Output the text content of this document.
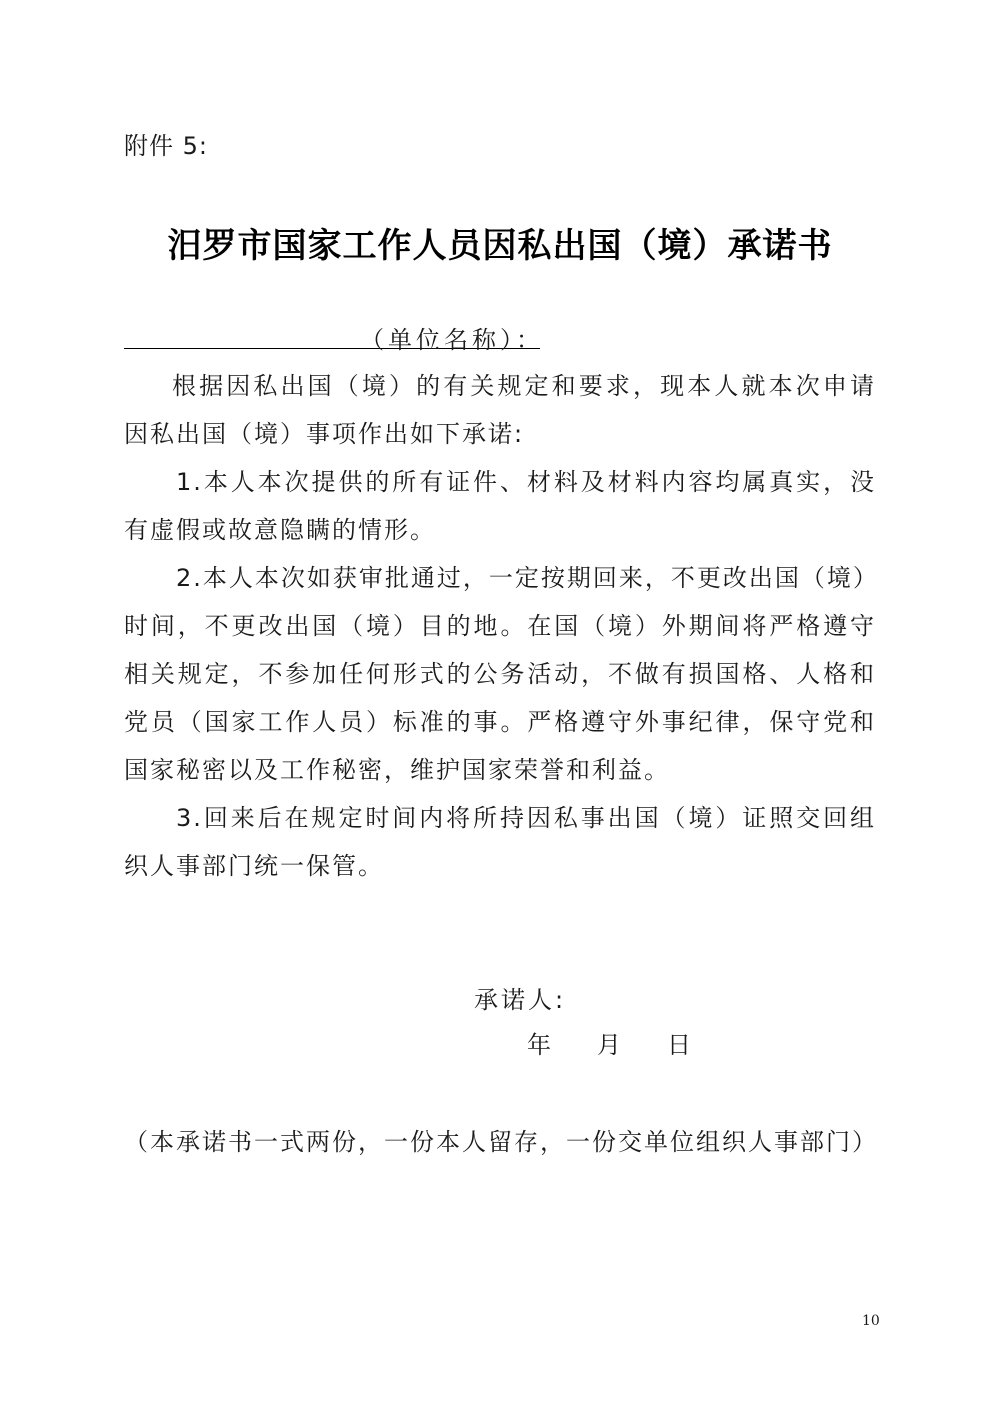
附件 5:
汨罗市国家工作人员因私出国（境）承诺书
（单位名称）：
根据因私出国（境）的有关规定和要求，现本人就本次申请
因私出国（境）事项作出如下承诺:
1.本人本次提供的所有证件、材料及材料内容均属真实，没
有虚假或故意隐瞒的情形。
2.本人本次如获审批通过，一定按期回来，不更改出国（境）
时间，不更改出国（境）目的地。在国（境）外期间将严格遵守
相关规定，不参加任何形式的公务活动，不做有损国格、人格和
党员（国家工作人员）标准的事。严格遵守外事纪律，保守党和
国家秘密以及工作秘密，维护国家荣誉和利益。
3.回来后在规定时间内将所持因私事出国（境）证照交回组
织人事部门统一保管。
承诺人:
年 月 日
（本承诺书一式两份，一份本人留存，一份交单位组织人事部门）
10
